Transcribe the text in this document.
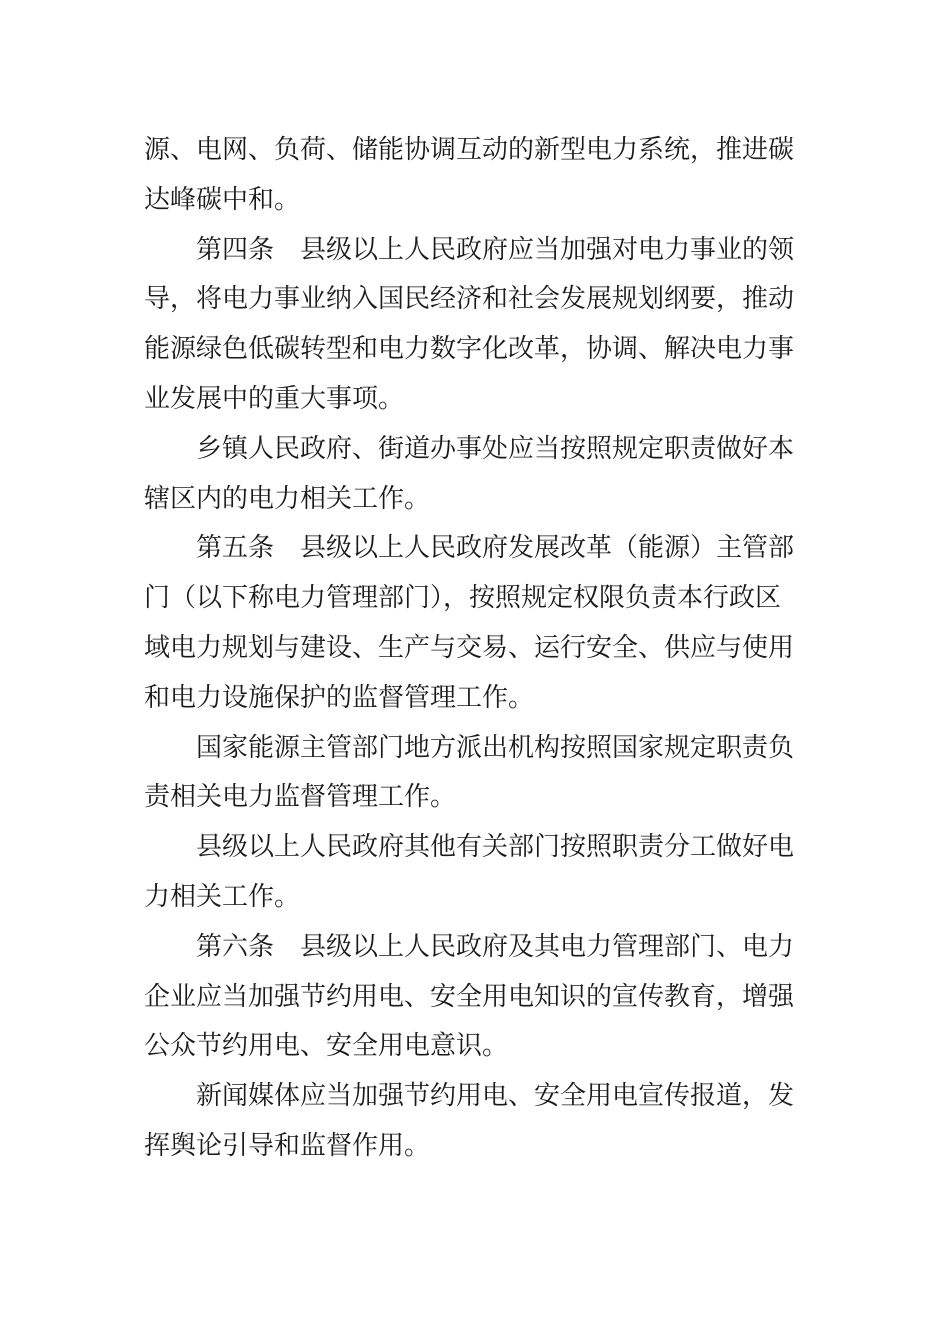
源、电网、负荷、储能协调互动的新型电力系统，推进碳
达峰碳中和。

第四条 县级以上人民政府应当加强对电力事业的领
导，将电力事业纳入国民经济和社会发展规划纲要，推动
能源绿色低碳转型和电力数字化改革，协调、解决电力事
业发展中的重大事项。

乡镇人民政府、街道办事处应当按照规定职责做好本
辖区内的电力相关工作。

第五条 县级以上人民政府发展改革（能源）主管部
门（以下称电力管理部门），按照规定权限负责本行政区
域电力规划与建设、生产与交易、运行安全、供应与使用
和电力设施保护的监督管理工作。

国家能源主管部门地方派出机构按照国家规定职责负
责相关电力监督管理工作。

县级以上人民政府其他有关部门按照职责分工做好电
力相关工作。

第六条 县级以上人民政府及其电力管理部门、电力
企业应当加强节约用电、安全用电知识的宣传教育，增强
公众节约用电、安全用电意识。

新闻媒体应当加强节约用电、安全用电宣传报道，发
挥舆论引导和监督作用。
